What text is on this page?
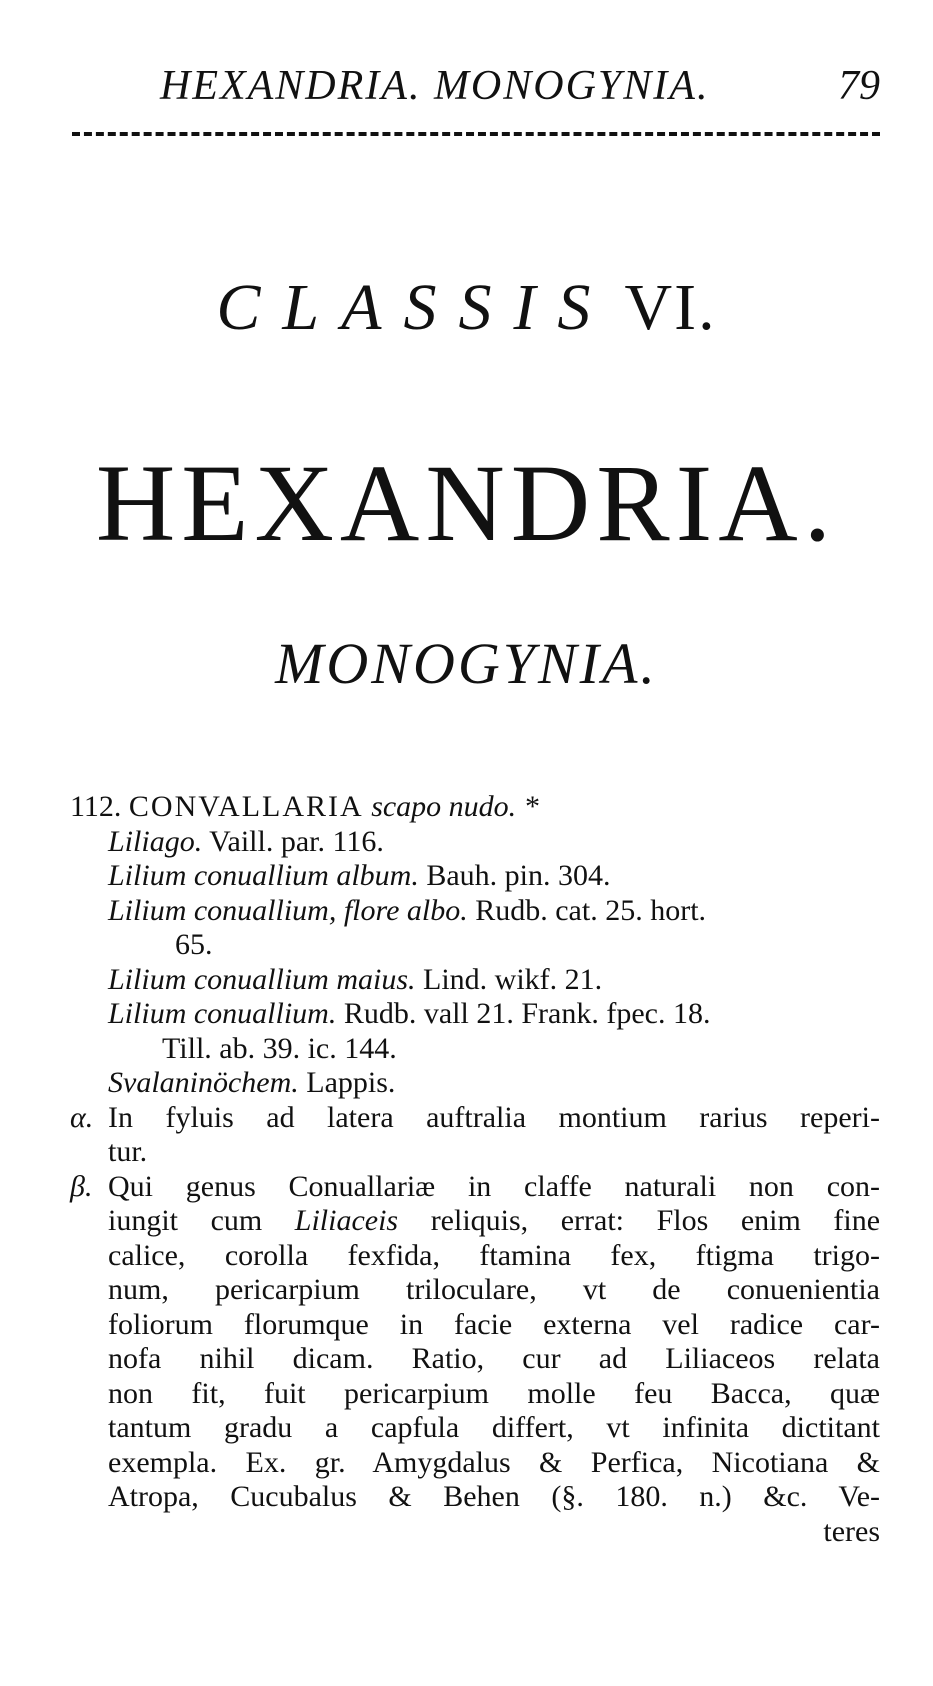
HEXANDRIA. MONOGYNIA.	79
CLASSIS VI.
HEXANDRIA.
MONOGYNIA.
112. CONVALLARIA scapo nudo. *
Liliago. Vaill. par. 116.
Lilium conuallium album. Bauh. pin. 304.
Lilium conuallium, flore albo. Rudb. cat. 25. hort.
65.
Lilium conuallium maius. Lind. wikf. 21.
Lilium conuallium. Rudb. vall 21. Frank. fpec. 18.
Till. ab. 39. ic. 144.
Svalaninöchem. Lappis.
α. In fyluis ad latera auftralia montium rarius reperi-
tur.
β. Qui genus Conuallariæ in claffe naturali non con-
iungit cum Liliaceis reliquis, errat: Flos enim fine
calice, corolla fexfida, ftamina fex, ftigma trigo-
num, pericarpium triloculare, vt de conuenientia
foliorum florumque in facie externa vel radice car-
nofa nihil dicam. Ratio, cur ad Liliaceos relata
non fit, fuit pericarpium molle feu Bacca, quæ
tantum gradu a capfula differt, vt infinita dictitant
exempla. Ex. gr. Amygdalus & Perfica, Nicotiana &
Atropa, Cucubalus & Behen (§. 180. n.) &c. Ve-
teres
